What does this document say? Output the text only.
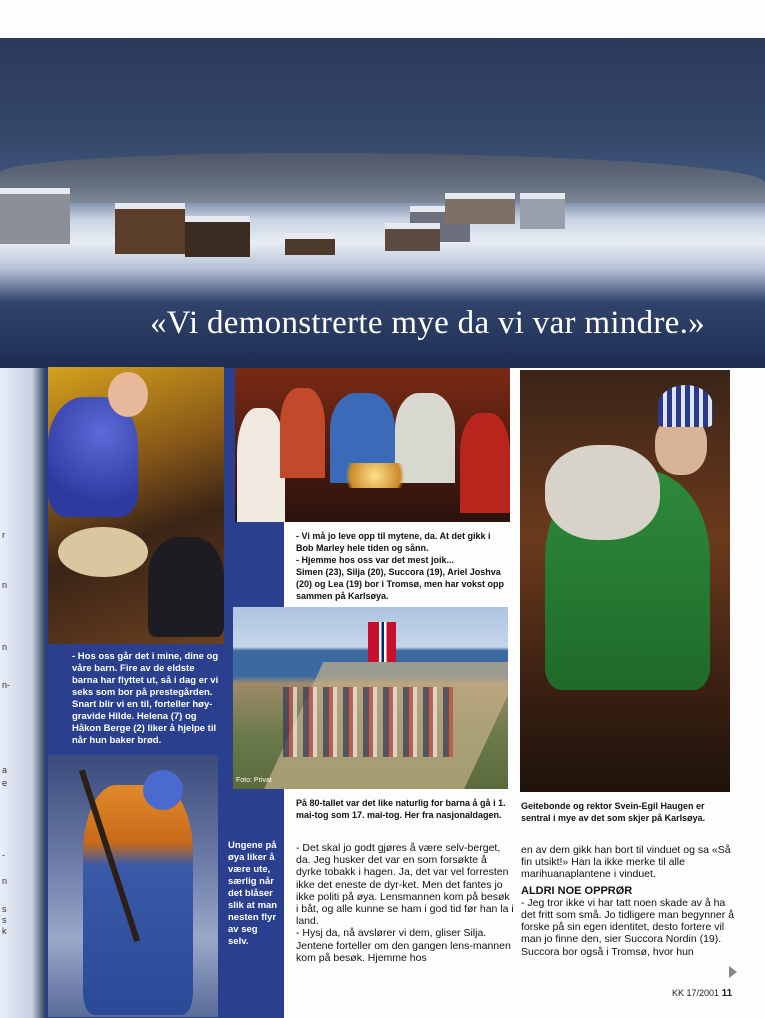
«Vi demonstrerte mye da vi var mindre.»
- Hos oss går det i mine, dine og våre barn. Fire av de eldste barna har flyttet ut, så i dag er vi seks som bor på prestegården. Snart blir vi en til, forteller høy-gravide Hilde. Helena (7) og Håkon Berge (2) liker å hjelpe til når hun baker brød.
- Vi må jo leve opp til mytene, da. At det gikk i Bob Marley hele tiden og sånn.
- Hjemme hos oss var det mest joik...
Simen (23), Silja (20), Succora (19), Ariel Joshva (20) og Lea (19) bor i Tromsø, men har vokst opp sammen på Karlsøya.
Geitebonde og rektor Svein-Egil Haugen er sentral i mye av det som skjer på Karlsøya.
Foto: Privat
På 80-tallet var det like naturlig for barna å gå i 1. mai-tog som 17. mai-tog. Her fra nasjonaldagen.
Ungene på øya liker å være ute, særlig når det blåser slik at man nesten flyr av seg selv.

- Det skal jo godt gjøres å være selv-berget, da. Jeg husker det var en som forsøkte å dyrke tobakk i hagen. Ja, det var vel forresten ikke det eneste de dyr-ket. Men det fantes jo ikke politi på øya. Lensmannen kom på besøk i båt, og alle kunne se ham i god tid før han la i land.
- Hysj da, nå avslører vi dem, gliser Silja.
Jentene forteller om den gangen lens-mannen kom på besøk. Hjemme hos

en av dem gikk han bort til vinduet og sa «Så fin utsikt!» Han la ikke merke til alle marihuanaplantene i vinduet.

ALDRI NOE OPPRØR

- Jeg tror ikke vi har tatt noen skade av å ha det fritt som små. Jo tidligere man begynner å forske på sin egen identitet, desto fortere vil man jo finne den, sier Succora Nordin (19).
Succora bor også i Tromsø, hvor hun

KK 17/2001 11
r
n
n
n-
a
e
-
n
s
s
k
